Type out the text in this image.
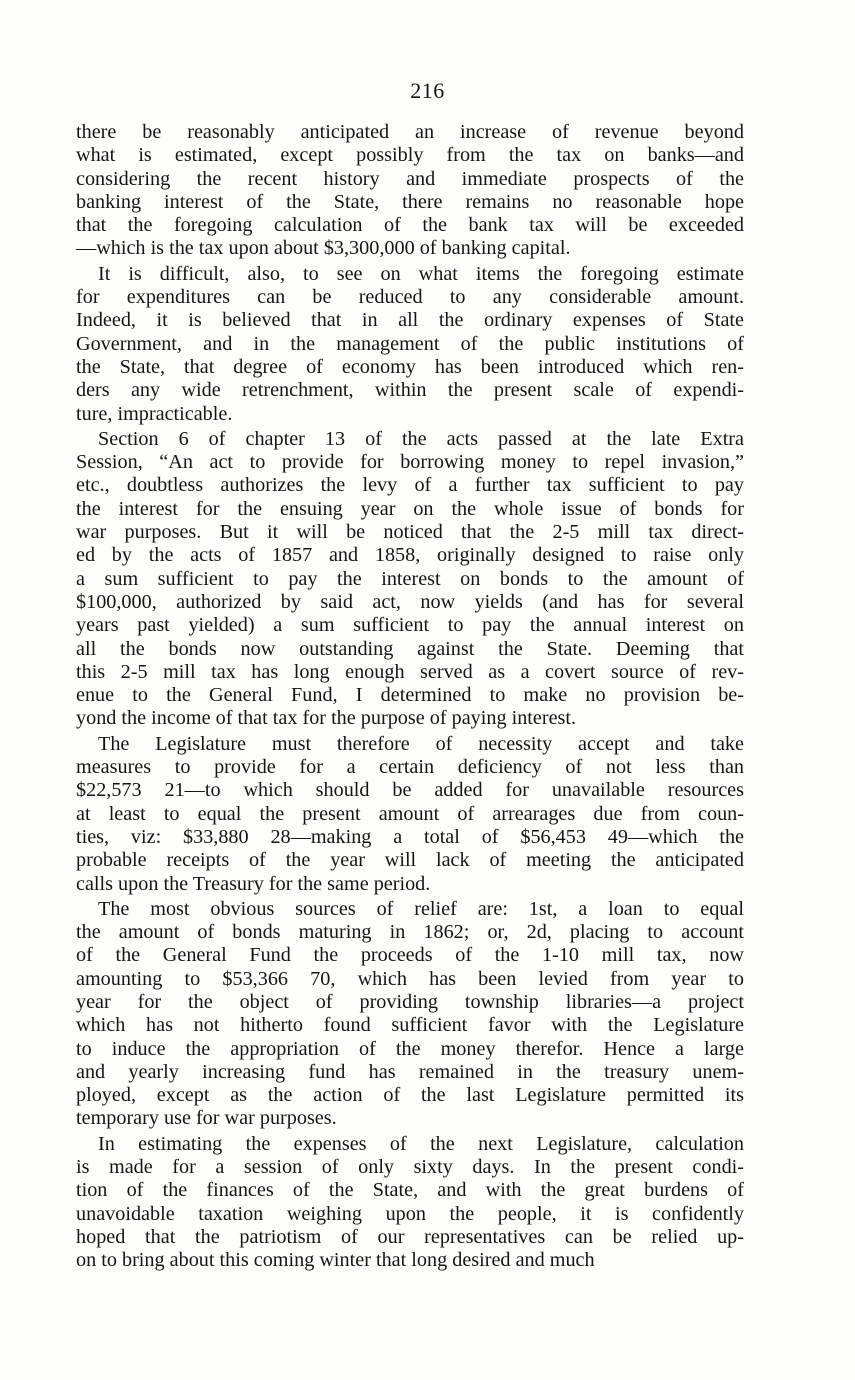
216
there be reasonably anticipated an increase of revenue beyond
what is estimated, except possibly from the tax on banks—and
considering the recent history and immediate prospects of the
banking interest of the State, there remains no reasonable hope
that the foregoing calculation of the bank tax will be exceeded
—which is the tax upon about $3,300,000 of banking capital.
It is difficult, also, to see on what items the foregoing estimate
for expenditures can be reduced to any considerable amount.
Indeed, it is believed that in all the ordinary expenses of State
Government, and in the management of the public institutions of
the State, that degree of economy has been introduced which ren-
ders any wide retrenchment, within the present scale of expendi-
ture, impracticable.
Section 6 of chapter 13 of the acts passed at the late Extra
Session, “An act to provide for borrowing money to repel invasion,”
etc., doubtless authorizes the levy of a further tax sufficient to pay
the interest for the ensuing year on the whole issue of bonds for
war purposes. But it will be noticed that the 2-5 mill tax direct-
ed by the acts of 1857 and 1858, originally designed to raise only
a sum sufficient to pay the interest on bonds to the amount of
$100,000, authorized by said act, now yields (and has for several
years past yielded) a sum sufficient to pay the annual interest on
all the bonds now outstanding against the State. Deeming that
this 2-5 mill tax has long enough served as a covert source of rev-
enue to the General Fund, I determined to make no provision be-
yond the income of that tax for the purpose of paying interest.
The Legislature must therefore of necessity accept and take
measures to provide for a certain deficiency of not less than
$22,573 21—to which should be added for unavailable resources
at least to equal the present amount of arrearages due from coun-
ties, viz: $33,880 28—making a total of $56,453 49—which the
probable receipts of the year will lack of meeting the anticipated
calls upon the Treasury for the same period.
The most obvious sources of relief are: 1st, a loan to equal
the amount of bonds maturing in 1862; or, 2d, placing to account
of the General Fund the proceeds of the 1-10 mill tax, now
amounting to $53,366 70, which has been levied from year to
year for the object of providing township libraries—a project
which has not hitherto found sufficient favor with the Legislature
to induce the appropriation of the money therefor. Hence a large
and yearly increasing fund has remained in the treasury unem-
ployed, except as the action of the last Legislature permitted its
temporary use for war purposes.
In estimating the expenses of the next Legislature, calculation
is made for a session of only sixty days. In the present condi-
tion of the finances of the State, and with the great burdens of
unavoidable taxation weighing upon the people, it is confidently
hoped that the patriotism of our representatives can be relied up-
on to bring about this coming winter that long desired and much
